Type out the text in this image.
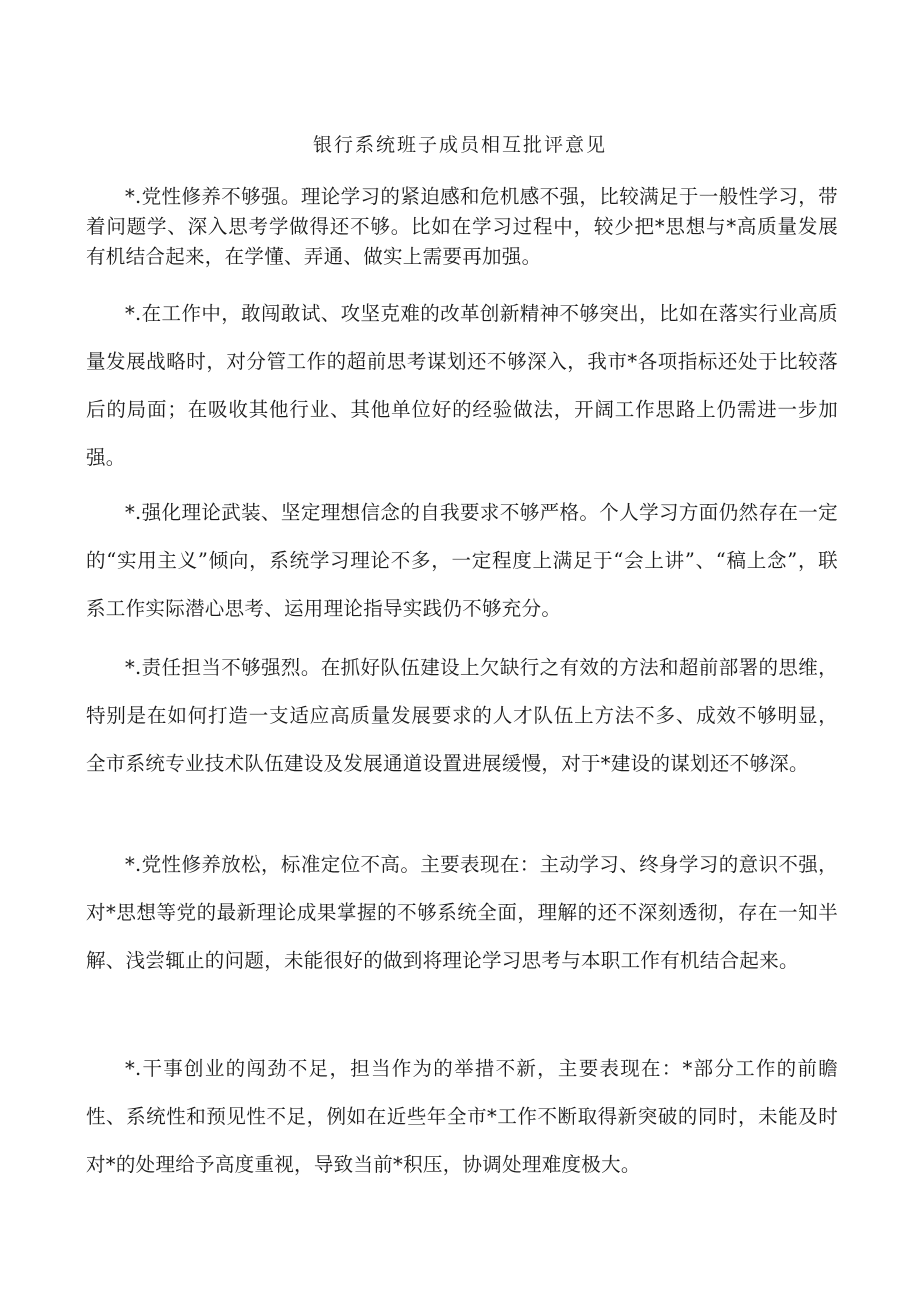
银行系统班子成员相互批评意见

*.党性修养不够强。理论学习的紧迫感和危机感不强，比较满足于一般性学习，带着问题学、深入思考学做得还不够。比如在学习过程中，较少把*思想与*高质量发展有机结合起来，在学懂、弄通、做实上需要再加强。

*.在工作中，敢闯敢试、攻坚克难的改革创新精神不够突出，比如在落实行业高质量发展战略时，对分管工作的超前思考谋划还不够深入，我市*各项指标还处于比较落后的局面；在吸收其他行业、其他单位好的经验做法，开阔工作思路上仍需进一步加强。

*.强化理论武装、坚定理想信念的自我要求不够严格。个人学习方面仍然存在一定的“实用主义”倾向，系统学习理论不多，一定程度上满足于“会上讲”、“稿上念”，联系工作实际潜心思考、运用理论指导实践仍不够充分。

*.责任担当不够强烈。在抓好队伍建设上欠缺行之有效的方法和超前部署的思维，特别是在如何打造一支适应高质量发展要求的人才队伍上方法不多、成效不够明显，全市系统专业技术队伍建设及发展通道设置进展缓慢，对于*建设的谋划还不够深。

*.党性修养放松，标准定位不高。主要表现在：主动学习、终身学习的意识不强，对*思想等党的最新理论成果掌握的不够系统全面，理解的还不深刻透彻，存在一知半解、浅尝辄止的问题，未能很好的做到将理论学习思考与本职工作有机结合起来。

*.干事创业的闯劲不足，担当作为的举措不新，主要表现在：*部分工作的前瞻性、系统性和预见性不足，例如在近些年全市*工作不断取得新突破的同时，未能及时对*的处理给予高度重视，导致当前*积压，协调处理难度极大。
